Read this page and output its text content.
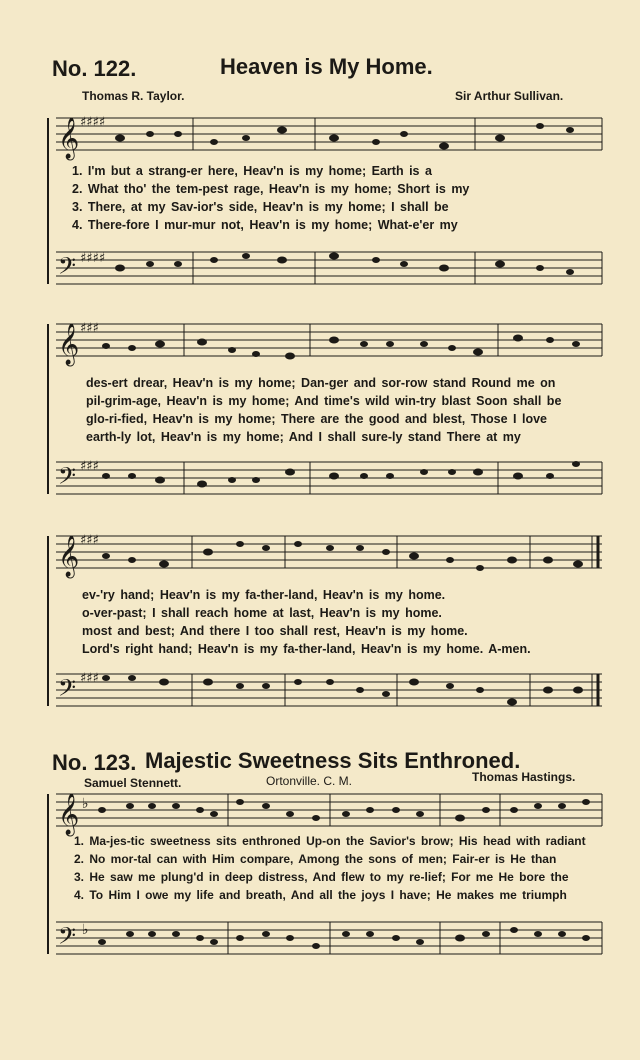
No. 122.	Heaven is My Home.
Thomas R. Taylor.	Sir Arthur Sullivan.
𝄞
𝄢
𝄞
𝄢
𝄞
𝄢
𝄞
𝄢
♯♯♯♯
♯♯♯♯
♯♯♯
♯♯♯
♯♯♯
♯♯♯
♭
♭
1. I'm but a strang-er here, Heav'n is my home; Earth is a
2. What tho' the tem-pest rage, Heav'n is my home; Short is my
3. There, at my Sav-ior's side, Heav'n is my home; I shall be
4. There-fore I mur-mur not, Heav'n is my home; What-e'er my
des-ert drear, Heav'n is my home; Dan-ger and sor-row stand Round me on
pil-grim-age, Heav'n is my home; And time's wild win-try blast Soon shall be
glo-ri-fied, Heav'n is my home; There are the good and blest, Those I love
earth-ly lot, Heav'n is my home; And I shall sure-ly stand There at my
ev-'ry hand; Heav'n is my fa-ther-land, Heav'n is my home.
o-ver-past; I shall reach home at last, Heav'n is my home.
most and best; And there I too shall rest, Heav'n is my home.
Lord's right hand; Heav'n is my fa-ther-land, Heav'n is my home. A-men.
No. 123. Majestic Sweetness Sits Enthroned.
Samuel Stennett.	Ortonville. C. M.	Thomas Hastings.
1. Ma-jes-tic sweetness sits enthroned Up-on the Savior's brow; His head with radiant
2. No mor-tal can with Him compare, Among the sons of men; Fair-er is He than
3. He saw me plung'd in deep distress, And flew to my re-lief; For me He bore the
4. To Him I owe my life and breath, And all the joys I have; He makes me triumph
